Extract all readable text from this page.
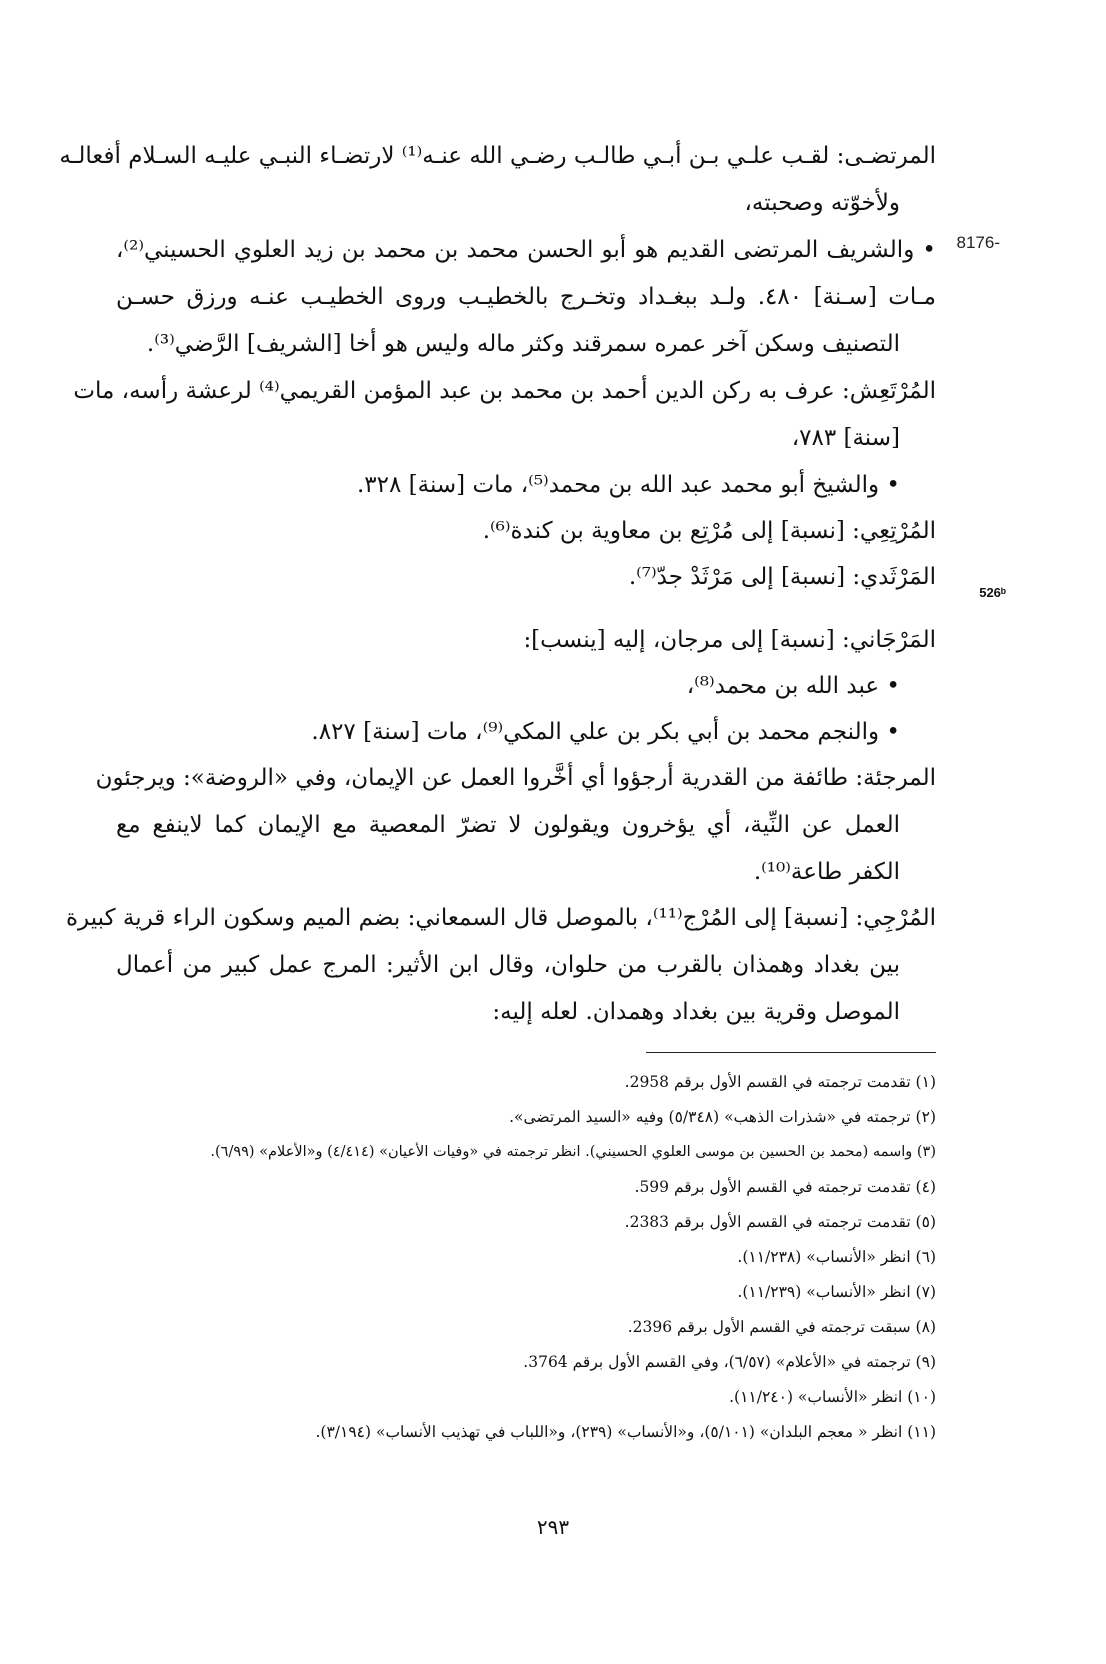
8176-
526ᵇ
المرتضـى: لقـب علـي بـن أبـي طالـب رضـي الله عنـه⁽¹⁾ لارتضـاء النبـي عليـه السـلام أفعالـه
ولأخوّته وصحبته،
• والشريف المرتضى القديم هو أبو الحسن محمد بن محمد بن زيد العلوي الحسيني⁽²⁾،
مـات [سـنة] ٤٨٠. ولـد ببغـداد وتخـرج بالخطيـب وروى الخطيـب عنـه ورزق حسـن
التصنيف وسكن آخر عمره سمرقند وكثر ماله وليس هو أخا [الشريف] الرَّضي⁽³⁾.
المُرْتَعِش: عرف به ركن الدين أحمد بن محمد بن عبد المؤمن القريمي⁽⁴⁾ لرعشة رأسه، مات
[سنة] ٧٨٣،
• والشيخ أبو محمد عبد الله بن محمد⁽⁵⁾، مات [سنة] ٣٢٨.
المُرْتِعِي: [نسبة] إلى مُرْتِع بن معاوية بن كندة⁽⁶⁾.
المَرْثَدي: [نسبة] إلى مَرْثَدْ جدّ⁽⁷⁾.
المَرْجَاني: [نسبة] إلى مرجان، إليه [ينسب]:
• عبد الله بن محمد⁽⁸⁾،
• والنجم محمد بن أبي بكر بن علي المكي⁽⁹⁾، مات [سنة] ٨٢٧.
المرجئة: طائفة من القدرية أرجؤوا أي أخَّروا العمل عن الإيمان، وفي «الروضة»: ويرجئون
العمل عن النِّية، أي يؤخرون ويقولون لا تضرّ المعصية مع الإيمان كما لاينفع مع
الكفر طاعة⁽¹⁰⁾.
المُرْجِي: [نسبة] إلى المُرْج⁽¹¹⁾، بالموصل قال السمعاني: بضم الميم وسكون الراء قرية كبيرة
بين بغداد وهمذان بالقرب من حلوان، وقال ابن الأثير: المرج عمل كبير من أعمال
الموصل وقرية بين بغداد وهمدان. لعله إليه:
(١) تقدمت ترجمته في القسم الأول برقم 2958.
(٢) ترجمته في «شذرات الذهب» (٥/٣٤٨) وفيه «السيد المرتضى».
(٣) واسمه (محمد بن الحسين بن موسى العلوي الحسيني). انظر ترجمته في «وفيات الأعيان» (٤/٤١٤) و«الأعلام» (٦/٩٩).
(٤) تقدمت ترجمته في القسم الأول برقم 599.
(٥) تقدمت ترجمته في القسم الأول برقم 2383.
(٦) انظر «الأنساب» (١١/٢٣٨).
(٧) انظر «الأنساب» (١١/٢٣٩).
(٨) سبقت ترجمته في القسم الأول برقم 2396.
(٩) ترجمته في «الأعلام» (٦/٥٧)، وفي القسم الأول برقم 3764.
(١٠) انظر «الأنساب» (١١/٢٤٠).
(١١) انظر « معجم البلدان» (٥/١٠١)، و«الأنساب» (٢٣٩)، و«اللباب في تهذيب الأنساب» (٣/١٩٤).
٢٩٣
